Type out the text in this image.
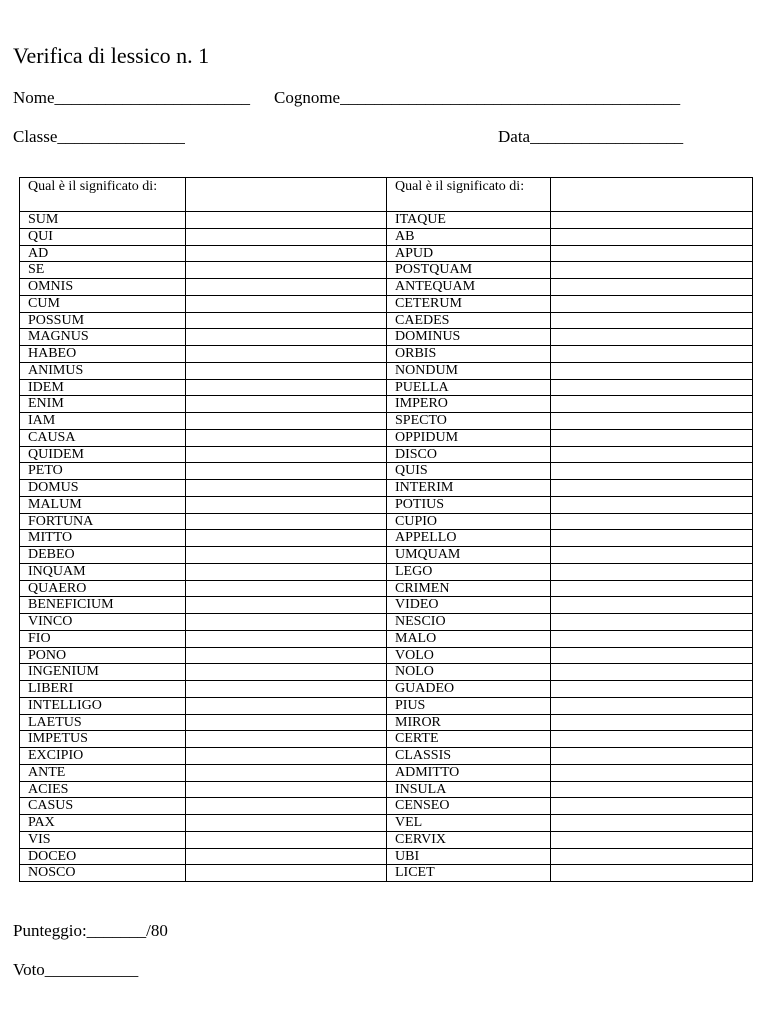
Verifica di lessico n. 1
Nome_______________________ Cognome________________________________________
Classe_______________	Data__________________
Qual è il significato di:		Qual è il significato di:	
SUM		ITAQUE	
QUI		AB	
AD		APUD	
SE		POSTQUAM	
OMNIS		ANTEQUAM	
CUM		CETERUM	
POSSUM		CAEDES	
MAGNUS		DOMINUS	
HABEO		ORBIS	
ANIMUS		NONDUM	
IDEM		PUELLA	
ENIM		IMPERO	
IAM		SPECTO	
CAUSA		OPPIDUM	
QUIDEM		DISCO	
PETO		QUIS	
DOMUS		INTERIM	
MALUM		POTIUS	
FORTUNA		CUPIO	
MITTO		APPELLO	
DEBEO		UMQUAM	
INQUAM		LEGO	
QUAERO		CRIMEN	
BENEFICIUM		VIDEO	
VINCO		NESCIO	
FIO		MALO	
PONO		VOLO	
INGENIUM		NOLO	
LIBERI		GUADEO	
INTELLIGO		PIUS	
LAETUS		MIROR	
IMPETUS		CERTE	
EXCIPIO		CLASSIS	
ANTE		ADMITTO	
ACIES		INSULA	
CASUS		CENSEO	
PAX		VEL	
VIS		CERVIX	
DOCEO		UBI	
NOSCO		LICET	
Punteggio:_______/80
Voto___________
